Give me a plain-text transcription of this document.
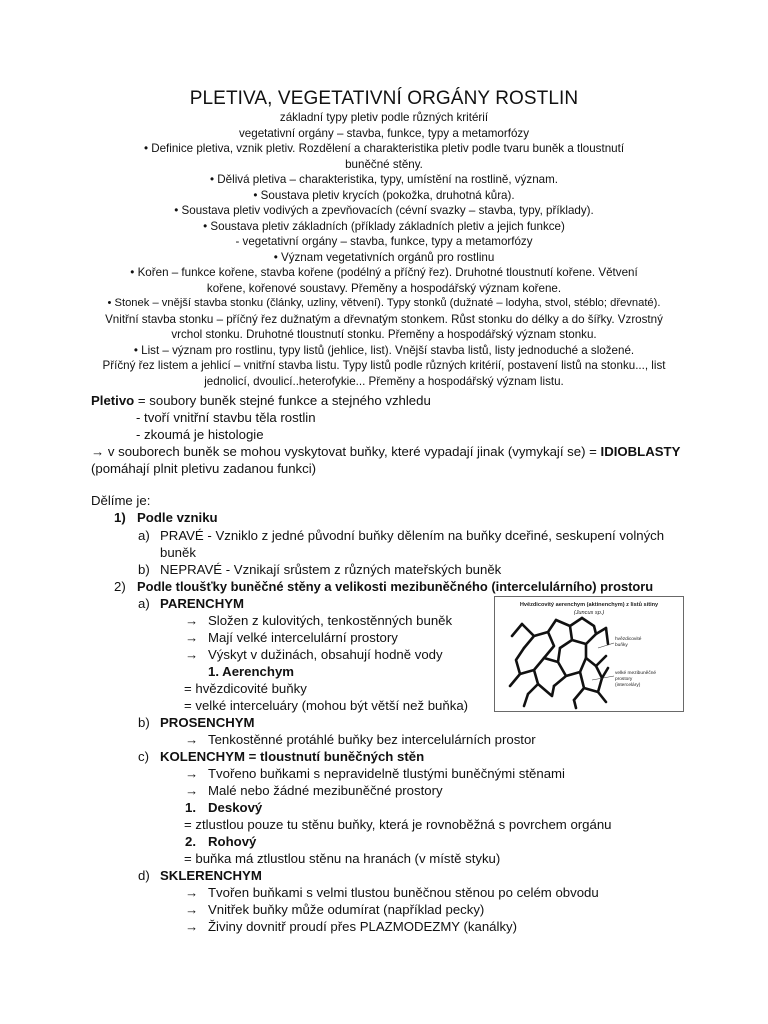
PLETIVA, VEGETATIVNÍ ORGÁNY ROSTLIN
základní typy pletiv podle různých kritérií
vegetativní orgány – stavba, funkce, typy a metamorfózy
• Definice pletiva, vznik pletiv. Rozdělení a charakteristika pletiv podle tvaru buněk a tloustnutí
buněčné stěny.
• Dělivá pletiva – charakteristika, typy, umístění na rostlině, význam.
• Soustava pletiv krycích (pokožka, druhotná kůra).
• Soustava pletiv vodivých a zpevňovacích (cévní svazky – stavba, typy, příklady).
• Soustava pletiv základních (příklady základních pletiv a jejich funkce)
- vegetativní orgány – stavba, funkce, typy a metamorfózy
• Význam vegetativních orgánů pro rostlinu
• Kořen – funkce kořene, stavba kořene (podélný a příčný řez). Druhotné tloustnutí kořene. Větvení
kořene, kořenové soustavy. Přeměny a hospodářský význam kořene.
• Stonek – vnější stavba stonku (články, uzliny, větvení). Typy stonků (dužnaté – lodyha, stvol, stéblo; dřevnaté).
Vnitřní stavba stonku – příčný řez dužnatým a dřevnatým stonkem. Růst stonku do délky a do šířky. Vzrostný
vrchol stonku. Druhotné tloustnutí stonku. Přeměny a hospodářský význam stonku.
• List – význam pro rostlinu, typy listů (jehlice, list). Vnější stavba listů, listy jednoduché a složené.
Příčný řez listem a jehlicí – vnitřní stavba listu. Typy listů podle různých kritérií, postavení listů na stonku..., list
jednolicí, dvoulicí..heterofykie... Přeměny a hospodářský význam listu.
Pletivo = soubory buněk stejné funkce a stejného vzhledu
- tvoří vnitřní stavbu těla rostlin
- zkoumá je histologie
→ v souborech buněk se mohou vyskytovat buňky, které vypadají jinak (vymykají se) = IDIOBLASTY
(pomáhají plnit pletivu zadanou funkci)
Dělíme je:
1) Podle vzniku
a) PRAVÉ - Vzniklo z jedné původní buňky dělením na buňky dceřiné, seskupení volných
buněk
b) NEPRAVÉ - Vznikají srůstem z různých mateřských buněk
2) Podle tloušťky buněčné stěny a velikosti mezibuněčného (intercelulárního) prostoru
a) PARENCHYM
→ Složen z kulovitých, tenkostěnných buněk
→ Mají velké intercelulární prostory
→ Výskyt v dužinách, obsahují hodně vody
1. Aerenchym
= hvězdicovité buňky
= velké interceluáry (mohou být větší než buňka)
b) PROSENCHYM
→ Tenkostěnné protáhlé buňky bez intercelulárních prostor
c) KOLENCHYM = tloustnutí buněčných stěn
→ Tvořeno buňkami s nepravidelně tlustými buněčnými stěnami
→ Malé nebo žádné mezibuněčné prostory
1. Deskový
= ztlustlou pouze tu stěnu buňky, která je rovnoběžná s povrchem orgánu
2. Rohový
= buňka má ztlustlou stěnu na hranách (v místě styku)
d) SKLERENCHYM
→ Tvořen buňkami s velmi tlustou buněčnou stěnou po celém obvodu
→ Vnitřek buňky může odumírat (například pecky)
→ Živiny dovnitř proudí přes PLAZMODEZMY (kanálky)
Hvězdicovitý aerenchym (aktinenchym) z listů sítiny
(Juncus sp.)
hvězdicovité
buňky
velké mezibuněčné
prostory
(interceláry)
